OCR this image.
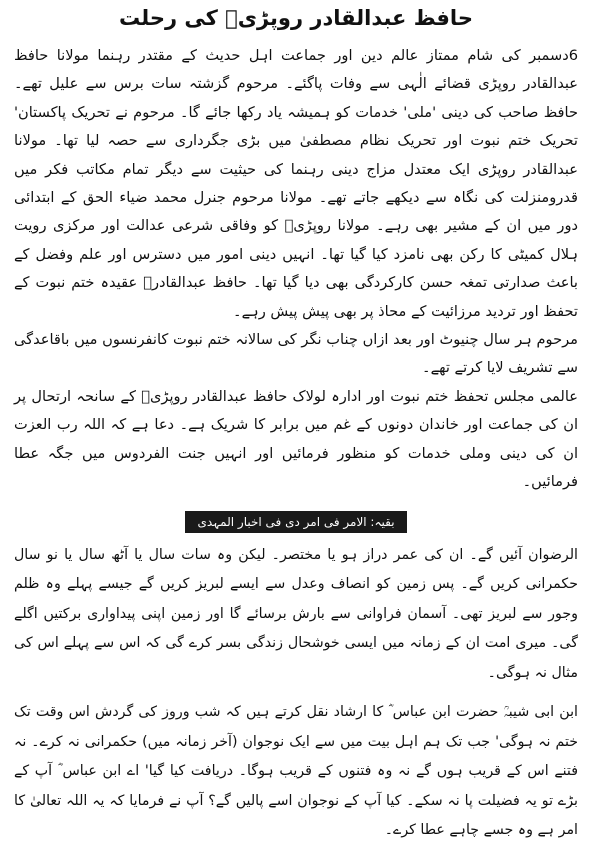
حافظ عبدالقادر روپڑیؒ کی رحلت

6دسمبر کی شام ممتاز عالم دین اور جماعت اہل حدیث کے مقتدر رہنما مولانا حافظ عبدالقادر روپڑی قضائے الٰہی سے وفات پاگئے۔ مرحوم گزشتہ سات برس سے علیل تھے۔ حافظ صاحب کی دینی 'ملی' خدمات کو ہمیشہ یاد رکھا جائے گا۔ مرحوم نے تحریک پاکستان' تحریک ختم نبوت اور تحریک نظام مصطفیٰ میں بڑی جگرداری سے حصہ لیا تھا۔ مولانا عبدالقادر روپڑی ایک معتدل مزاج دینی رہنما کی حیثیت سے دیگر تمام مکاتب فکر میں قدرومنزلت کی نگاہ سے دیکھے جاتے تھے۔ مولانا مرحوم جنرل محمد ضیاء الحق کے ابتدائی دور میں ان کے مشیر بھی رہے۔ مولانا روپڑیؒ کو وفاقی شرعی عدالت اور مرکزی رویت ہلال کمیٹی کا رکن بھی نامزد کیا گیا تھا۔ انہیں دینی امور میں دسترس اور علم وفضل کے باعث صدارتی تمغہ حسن کارکردگی بھی دیا گیا تھا۔ حافظ عبدالقادرؒ عقیدہ ختم نبوت کے تحفظ اور تردید مرزائیت کے محاذ پر بھی پیش پیش رہے۔

مرحوم ہر سال چنیوٹ اور بعد ازاں چناب نگر کی سالانہ ختم نبوت کانفرنسوں میں باقاعدگی سے تشریف لایا کرتے تھے۔

عالمی مجلس تحفظ ختم نبوت اور ادارہ لولاک حافظ عبدالقادر روپڑیؒ کے سانحہ ارتحال پر ان کی جماعت اور خاندان دونوں کے غم میں برابر کا شریک ہے۔ دعا ہے کہ اللہ رب العزت ان کی دینی وملی خدمات کو منظور فرمائیں اور انہیں جنت الفردوس میں جگہ عطا فرمائیں۔

بقیہ: الامر فی امر دی فی اخبار المہدی

الرضوان آئیں گے۔ ان کی عمر دراز ہو یا مختصر۔ لیکن وہ سات سال یا آٹھ سال یا نو سال حکمرانی کریں گے۔ پس زمین کو انصاف وعدل سے ایسے لبریز کریں گے جیسے پہلے وہ ظلم وجور سے لبریز تھی۔ آسمان فراوانی سے بارش برسائے گا اور زمین اپنی پیداواری برکتیں اگلے گی۔ میری امت ان کے زمانہ میں ایسی خوشحال زندگی بسر کرے گی کہ اس سے پہلے اس کی مثال نہ ہوگی۔

ابن ابی شیبہؒ حضرت ابن عباس ؓ کا ارشاد نقل کرتے ہیں کہ شب وروز کی گردش اس وقت تک ختم نہ ہوگی' جب تک ہم اہل بیت میں سے ایک نوجوان (آخر زمانہ میں) حکمرانی نہ کرے۔ نہ فتنے اس کے قریب ہوں گے نہ وہ فتنوں کے قریب ہوگا۔ دریافت کیا گیا' اے ابن عباس ؓ آپ کے بڑے تو یہ فضیلت پا نہ سکے۔ کیا آپ کے نوجوان اسے پالیں گے؟ آپ نے فرمایا کہ یہ اللہ تعالیٰ کا امر ہے وہ جسے چاہے عطا کرے۔
